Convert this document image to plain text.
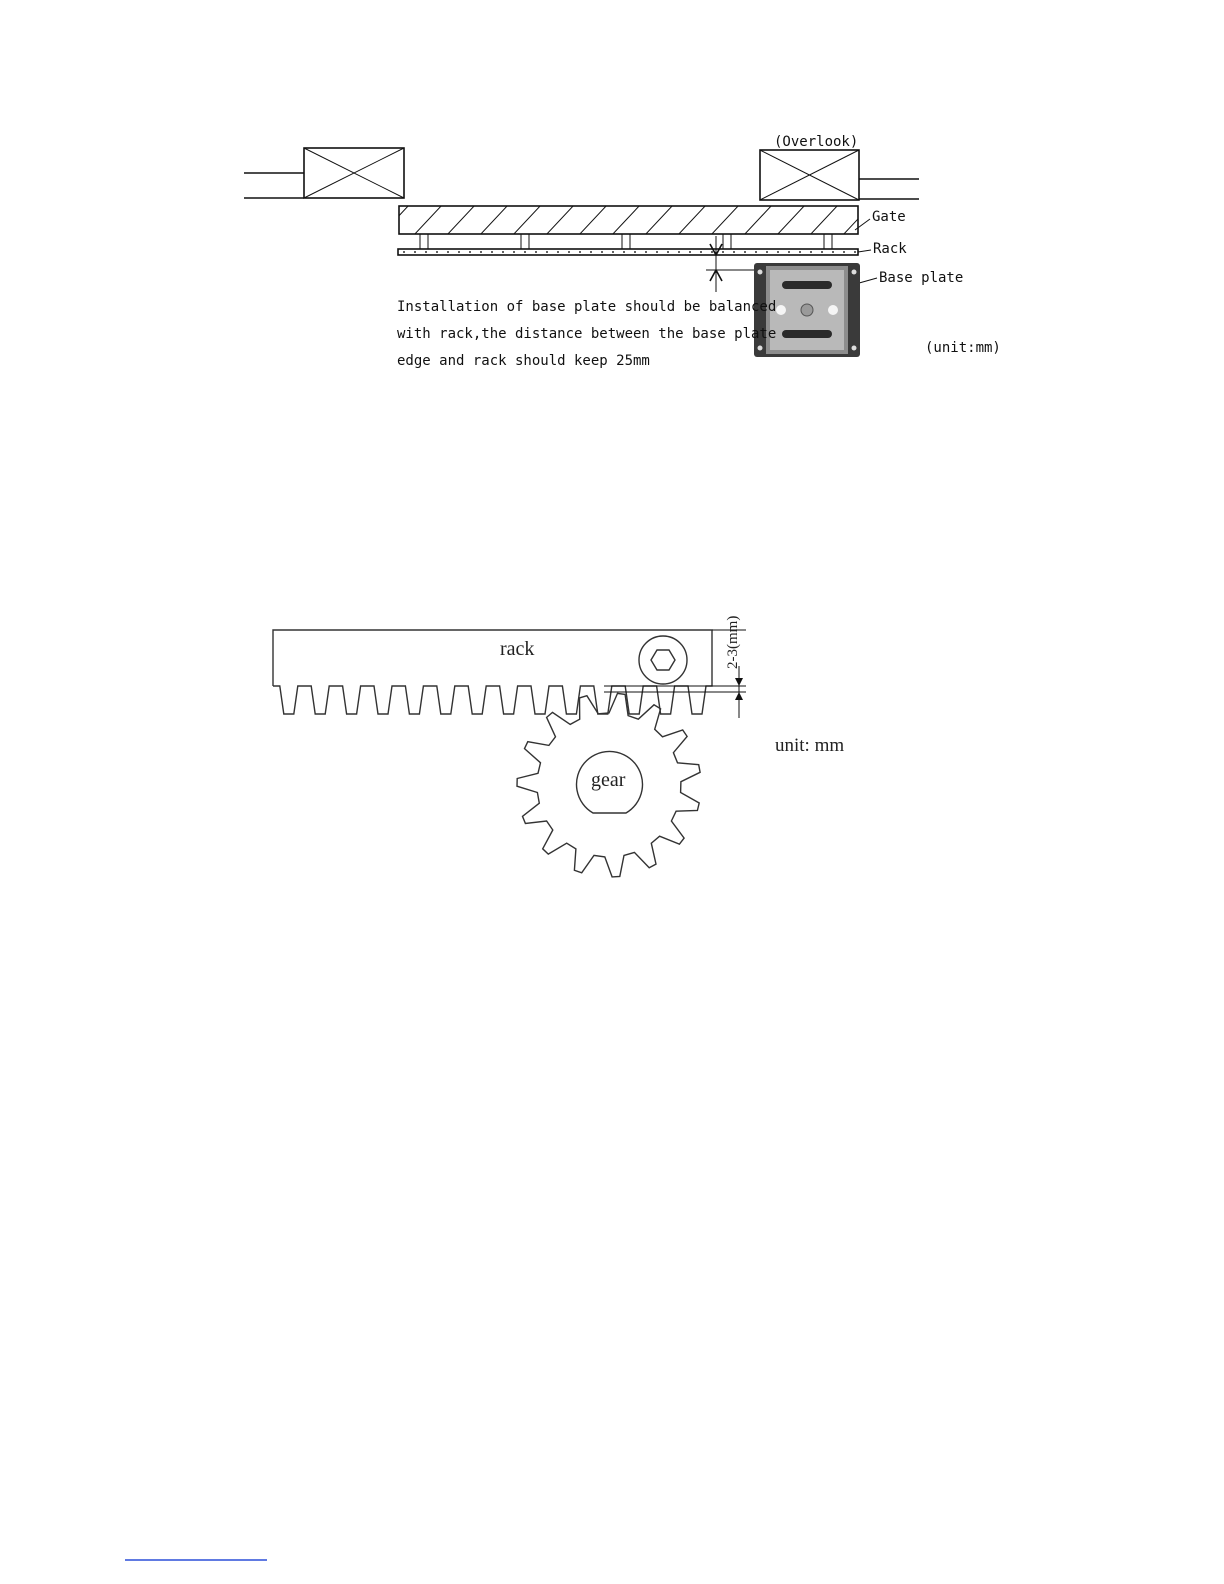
(Overlook)
Gate
Rack
Base plate
Installation of base plate should be balanced
with rack,the distance between the base plate
edge and rack should keep 25mm
(unit:mm)
rack	2-3(mm)
gear
unit: mm
